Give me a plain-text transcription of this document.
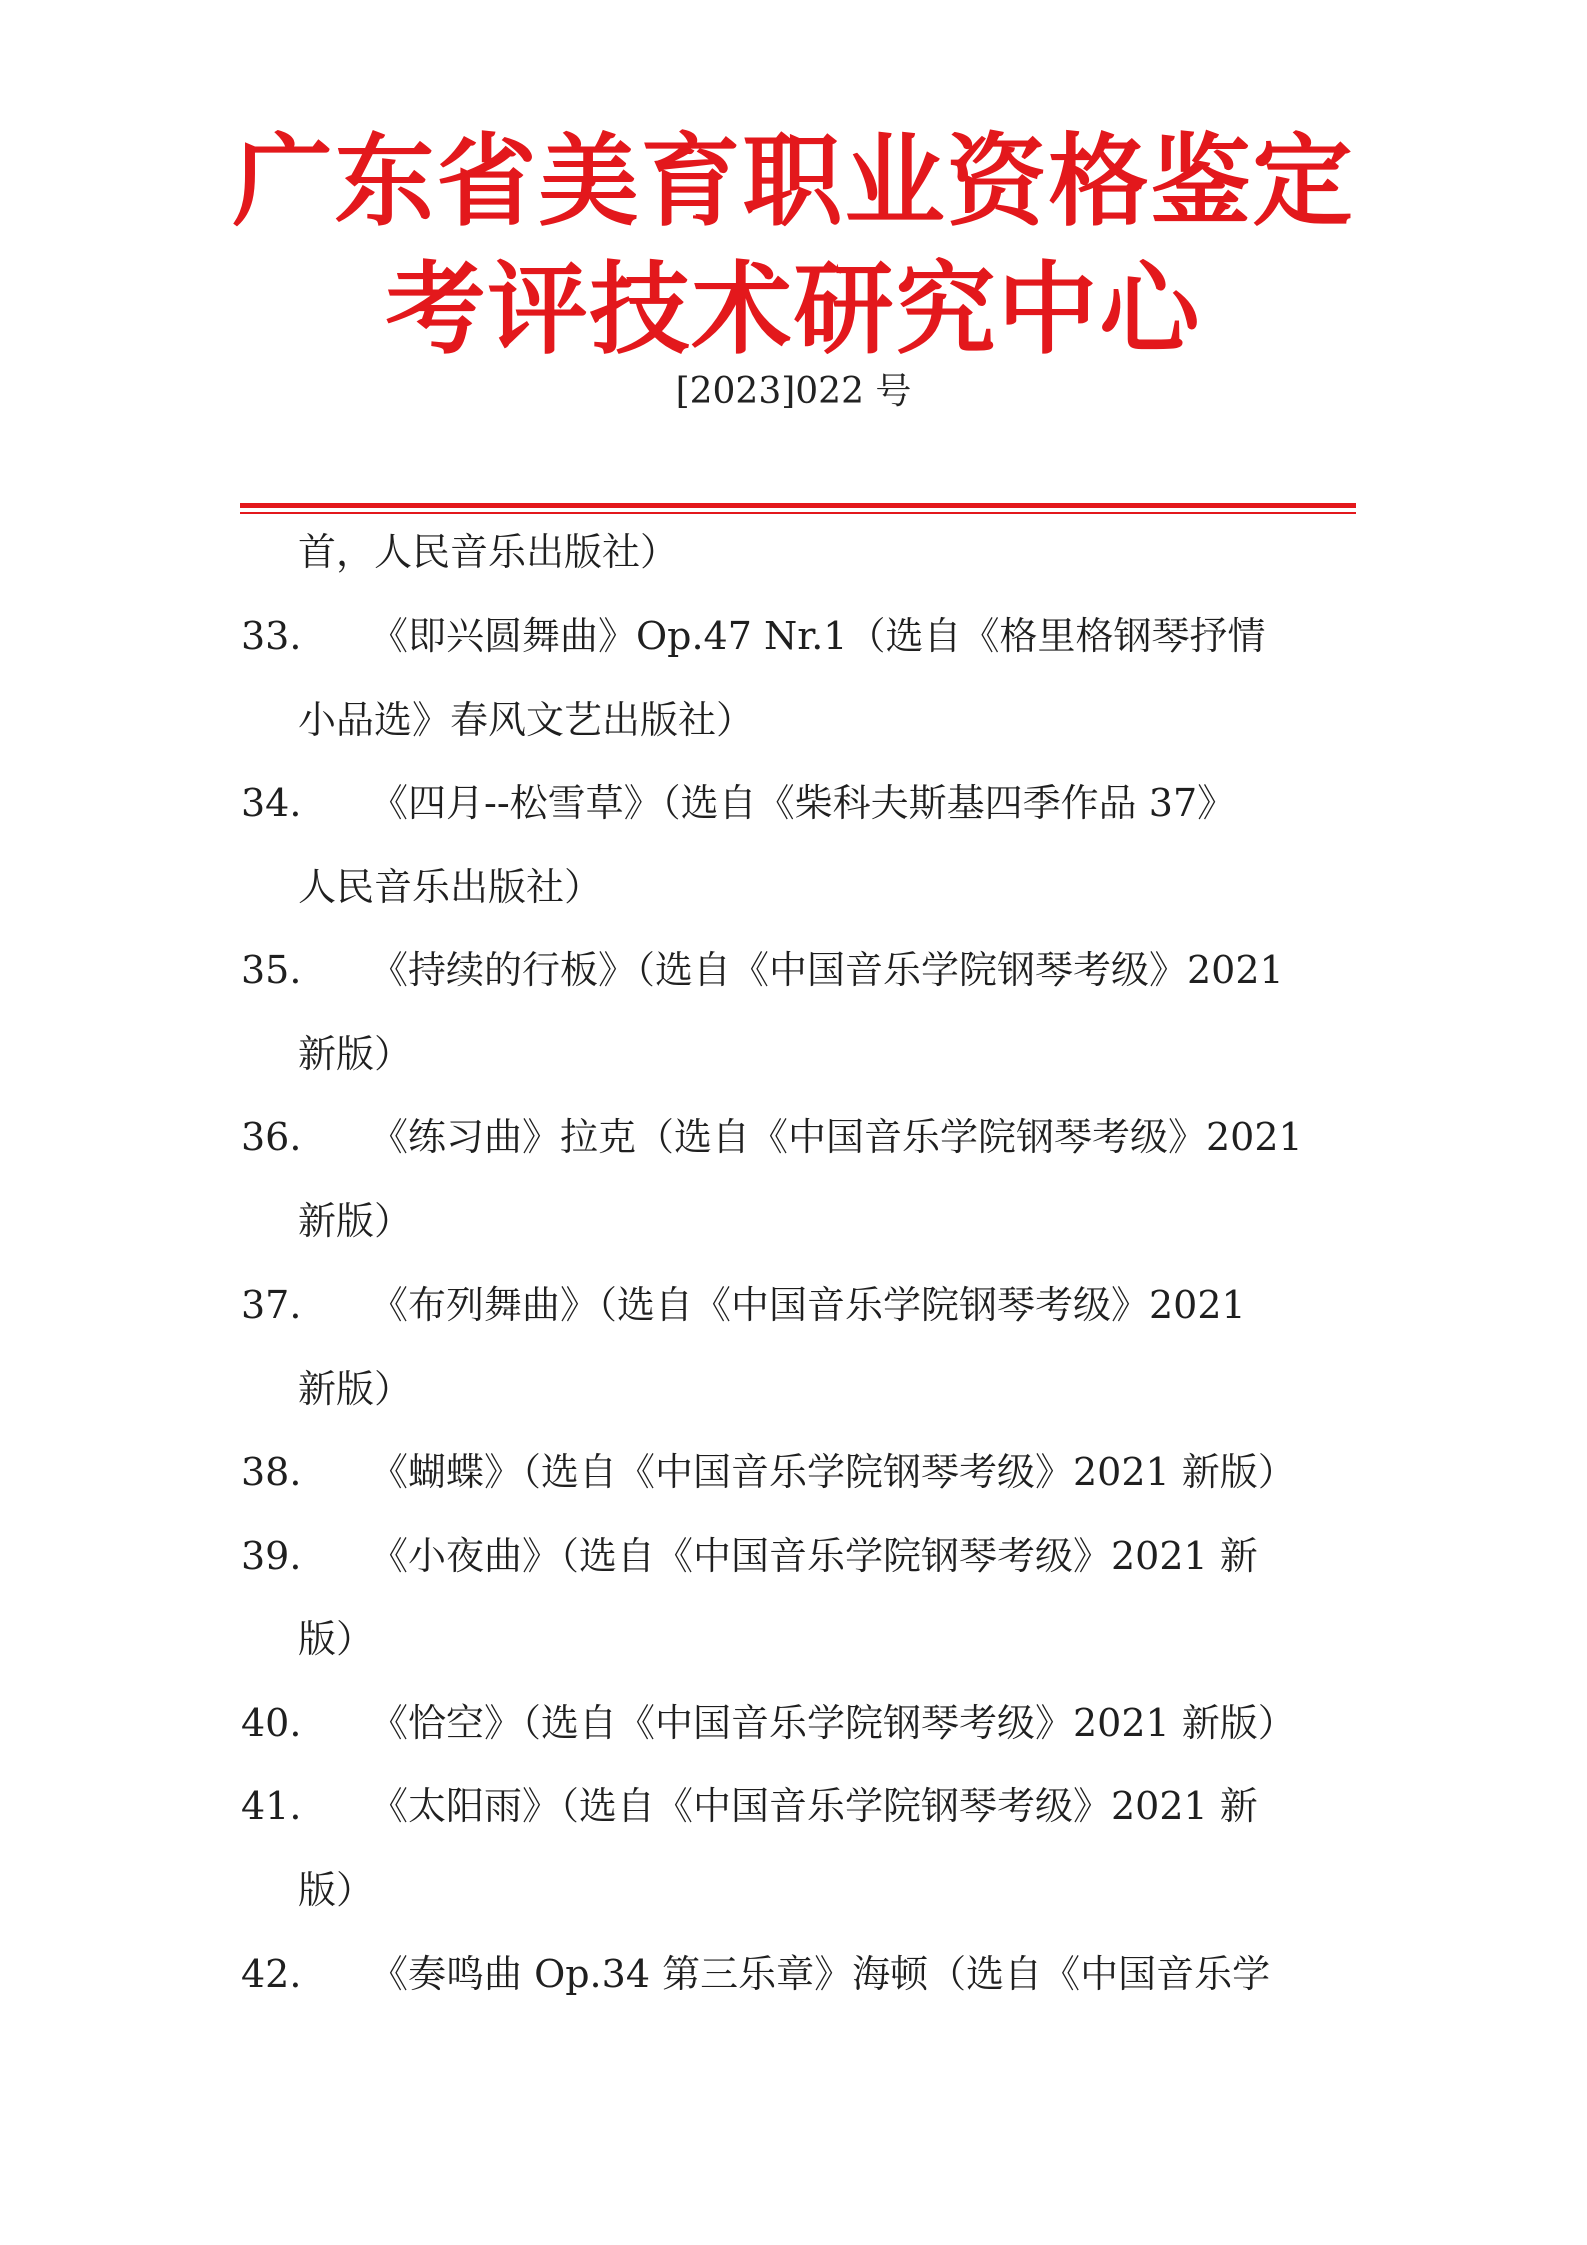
广东省美育职业资格鉴定
考评技术研究中心
[2023]022 号
首，人民音乐出版社）
33. 《即兴圆舞曲》Op.47 Nr.1（选自《格里格钢琴抒情
小品选》春风文艺出版社）
34. 《四月--松雪草》（选自《柴科夫斯基四季作品 37》
人民音乐出版社）
35. 《持续的行板》（选自《中国音乐学院钢琴考级》2021
新版）
36. 《练习曲》拉克（选自《中国音乐学院钢琴考级》2021
新版）
37. 《布列舞曲》（选自《中国音乐学院钢琴考级》2021
新版）
38. 《蝴蝶》（选自《中国音乐学院钢琴考级》2021 新版）
39. 《小夜曲》（选自《中国音乐学院钢琴考级》2021 新
版）
40. 《恰空》（选自《中国音乐学院钢琴考级》2021 新版）
41. 《太阳雨》（选自《中国音乐学院钢琴考级》2021 新
版）
42. 《奏鸣曲 Op.34 第三乐章》海顿（选自《中国音乐学
